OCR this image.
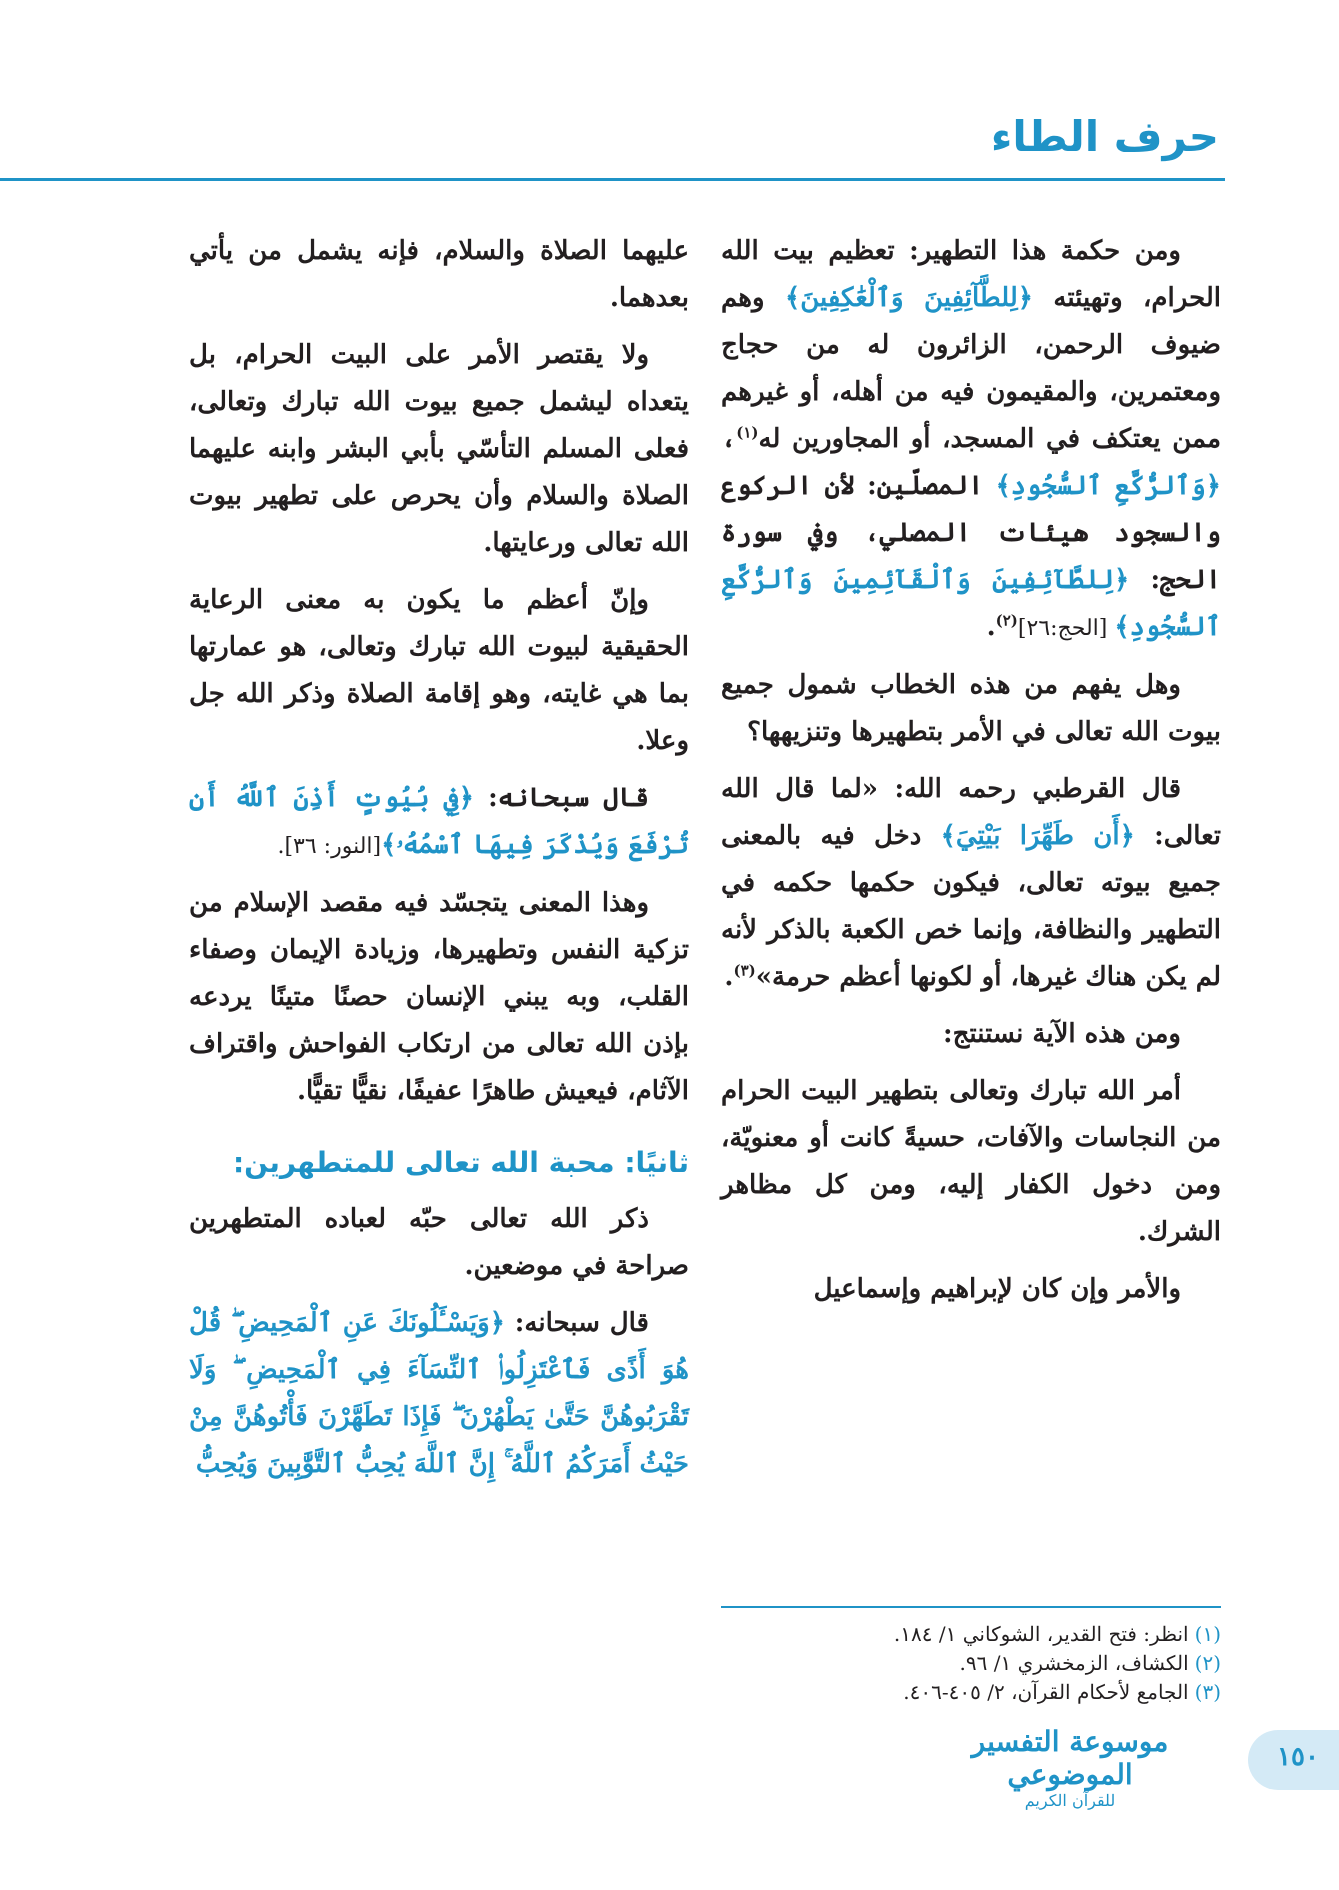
حرف الطاء

ومن حكمة هذا التطهير: تعظيم بيت الله الحرام، وتهيئته ﴿لِلطَّآئِفِينَ وَٱلْعَٰكِفِينَ﴾ وهم ضيوف الرحمن، الزائرون له من حجاج ومعتمرين، والمقيمون فيه من أهله، أو غيرهم ممن يعتكف في المسجد، أو المجاورين له$^{(١)}$، ﴿وَٱلرُّكَّعِ ٱلسُّجُودِ﴾ المصلّين: لأن الركوع والسجود هيئات المصلي، وفي سورة الحج: ﴿لِلطَّآئِفِينَ وَٱلْقَآئِمِينَ وَٱلرُّكَّعِ ٱلسُّجُودِ﴾ [الحج:٢٦]$^{(٢)}$.

وهل يفهم من هذه الخطاب شمول جميع بيوت الله تعالى في الأمر بتطهيرها وتنزيهها؟

قال القرطبي رحمه الله: «لما قال الله تعالى: ﴿أَن طَهِّرَا بَيْتِيَ﴾ دخل فيه بالمعنى جميع بيوته تعالى، فيكون حكمها حكمه في التطهير والنظافة، وإنما خص الكعبة بالذكر لأنه لم يكن هناك غيرها، أو لكونها أعظم حرمة»$^{(٣)}$.

ومن هذه الآية نستنتج:

أمر الله تبارك وتعالى بتطهير البيت الحرام من النجاسات والآفات، حسيةً كانت أو معنويّة، ومن دخول الكفار إليه، ومن كل مظاهر الشرك.

والأمر وإن كان لإبراهيم وإسماعيل

عليهما الصلاة والسلام، فإنه يشمل من يأتي بعدهما.

ولا يقتصر الأمر على البيت الحرام، بل يتعداه ليشمل جميع بيوت الله تبارك وتعالى، فعلى المسلم التأسّي بأبي البشر وابنه عليهما الصلاة والسلام وأن يحرص على تطهير بيوت الله تعالى ورعايتها.

وإنّ أعظم ما يكون به معنى الرعاية الحقيقية لبيوت الله تبارك وتعالى، هو عمارتها بما هي غايته، وهو إقامة الصلاة وذكر الله جل وعلا.

قال سبحانه: ﴿فِي بُيُوتٍ أَذِنَ ٱللَّهُ أَن تُرْفَعَ وَيُذْكَرَ فِيهَا ٱسْمُهُۥ﴾[النور: ٣٦].

وهذا المعنى يتجسّد فيه مقصد الإسلام من تزكية النفس وتطهيرها، وزيادة الإيمان وصفاء القلب، وبه يبني الإنسان حصنًا متينًا يردعه بإذن الله تعالى من ارتكاب الفواحش واقتراف الآثام، فيعيش طاهرًا عفيفًا، نقيًّا تقيًّا.

ثانيًا: محبة الله تعالى للمتطهرين:

ذكر الله تعالى حبّه لعباده المتطهرين صراحة في موضعين.

قال سبحانه: ﴿وَيَسْـَٔلُونَكَ عَنِ ٱلْمَحِيضِ ۖ قُلْ هُوَ أَذًى فَٱعْتَزِلُوا۟ ٱلنِّسَآءَ فِي ٱلْمَحِيضِ ۖ وَلَا تَقْرَبُوهُنَّ حَتَّىٰ يَطْهُرْنَ ۖ فَإِذَا تَطَهَّرْنَ فَأْتُوهُنَّ مِنْ حَيْثُ أَمَرَكُمُ ٱللَّهُ ۚ إِنَّ ٱللَّهَ يُحِبُّ ٱلتَّوَّٰبِينَ وَيُحِبُّ

(١)انظر: فتح القدير، الشوكاني ١/ ١٨٤.
(٢)الكشاف، الزمخشري ١/ ٩٦.
(٣)الجامع لأحكام القرآن، ٢/ ٤٠٥-٤٠٦.
موسوعة التفسير الموضوعي
للقرآن الكريم
١٥٠
